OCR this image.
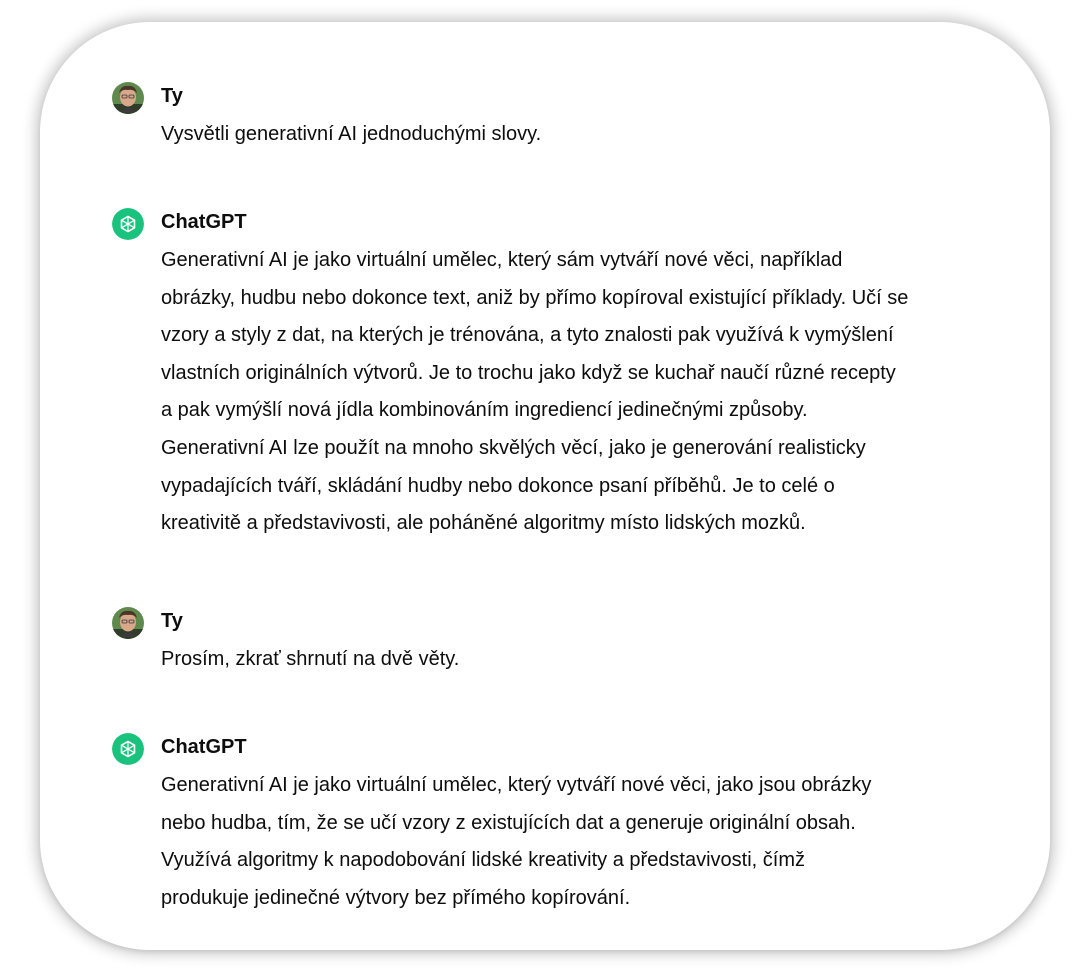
Ty
Vysvětli generativní AI jednoduchými slovy.
ChatGPT
Generativní AI je jako virtuální umělec, který sám vytváří nové věci, například
obrázky, hudbu nebo dokonce text, aniž by přímo kopíroval existující příklady. Učí se
vzory a styly z dat, na kterých je trénována, a tyto znalosti pak využívá k vymýšlení
vlastních originálních výtvorů. Je to trochu jako když se kuchař naučí různé recepty
a pak vymýšlí nová jídla kombinováním ingrediencí jedinečnými způsoby.
Generativní AI lze použít na mnoho skvělých věcí, jako je generování realisticky
vypadajících tváří, skládání hudby nebo dokonce psaní příběhů. Je to celé o
kreativitě a představivosti, ale poháněné algoritmy místo lidských mozků.
Ty
Prosím, zkrať shrnutí na dvě věty.
ChatGPT
Generativní AI je jako virtuální umělec, který vytváří nové věci, jako jsou obrázky
nebo hudba, tím, že se učí vzory z existujících dat a generuje originální obsah.
Využívá algoritmy k napodobování lidské kreativity a představivosti, čímž
produkuje jedinečné výtvory bez přímého kopírování.
